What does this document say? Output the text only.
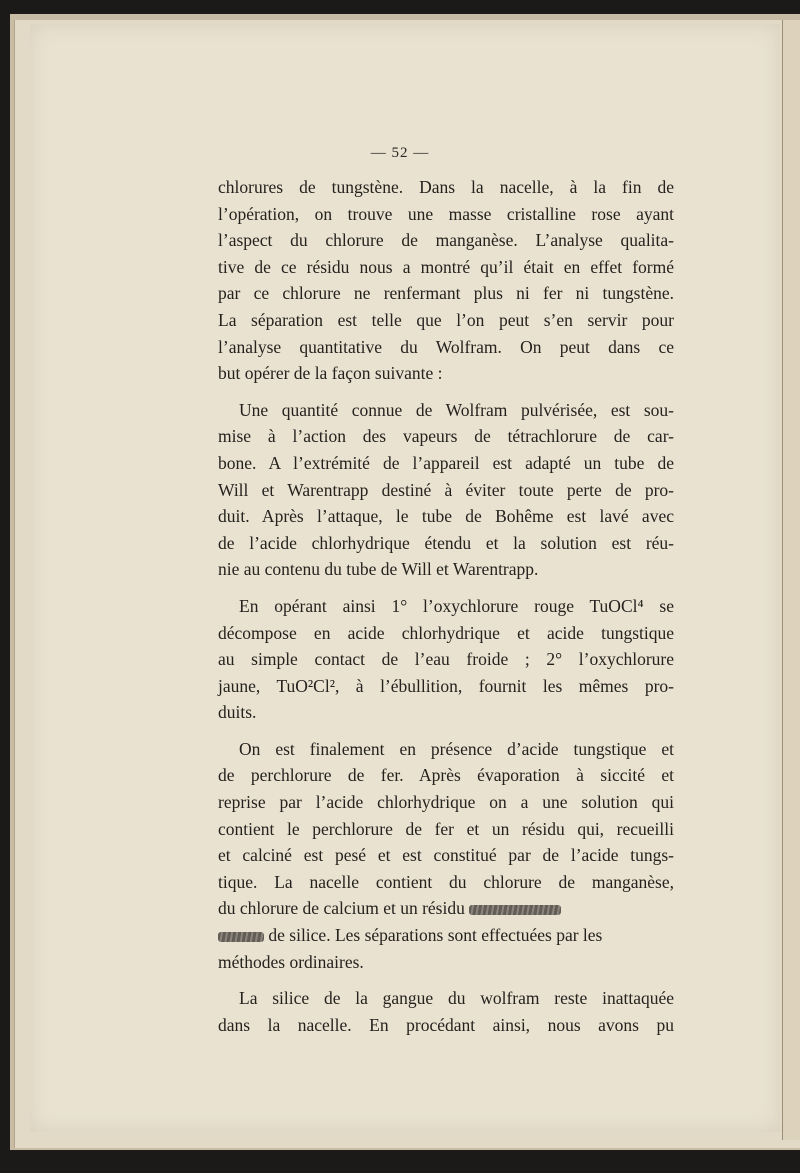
— 52 —

chlorures de tungstène. Dans la nacelle, à la fin de
l’opération, on trouve une masse cristalline rose ayant
l’aspect du chlorure de manganèse. L’analyse qualita-
tive de ce résidu nous a montré qu’il était en effet formé
par ce chlorure ne renfermant plus ni fer ni tungstène.
La séparation est telle que l’on peut s’en servir pour
l’analyse quantitative du Wolfram. On peut dans ce
but opérer de la façon suivante :

Une quantité connue de Wolfram pulvérisée, est sou-
mise à l’action des vapeurs de tétrachlorure de car-
bone. A l’extrémité de l’appareil est adapté un tube de
Will et Warentrapp destiné à éviter toute perte de pro-
duit. Après l’attaque, le tube de Bohême est lavé avec
de l’acide chlorhydrique étendu et la solution est réu-
nie au contenu du tube de Will et Warentrapp.

En opérant ainsi 1° l’oxychlorure rouge TuOCl⁴ se
décompose en acide chlorhydrique et acide tungstique
au simple contact de l’eau froide ; 2° l’oxychlorure
jaune, TuO²Cl², à l’ébullition, fournit les mêmes pro-
duits.

On est finalement en présence d’acide tungstique et
de perchlorure de fer. Après évaporation à siccité et
reprise par l’acide chlorhydrique on a une solution qui
contient le perchlorure de fer et un résidu qui, recueilli
et calciné est pesé et est constitué par de l’acide tungs-
tique. La nacelle contient du chlorure de manganèse,
du chlorure de calcium et un résidu
de silice. Les séparations sont effectuées par les
méthodes ordinaires.

La silice de la gangue du wolfram reste inattaquée
dans la nacelle. En procédant ainsi, nous avons pu
